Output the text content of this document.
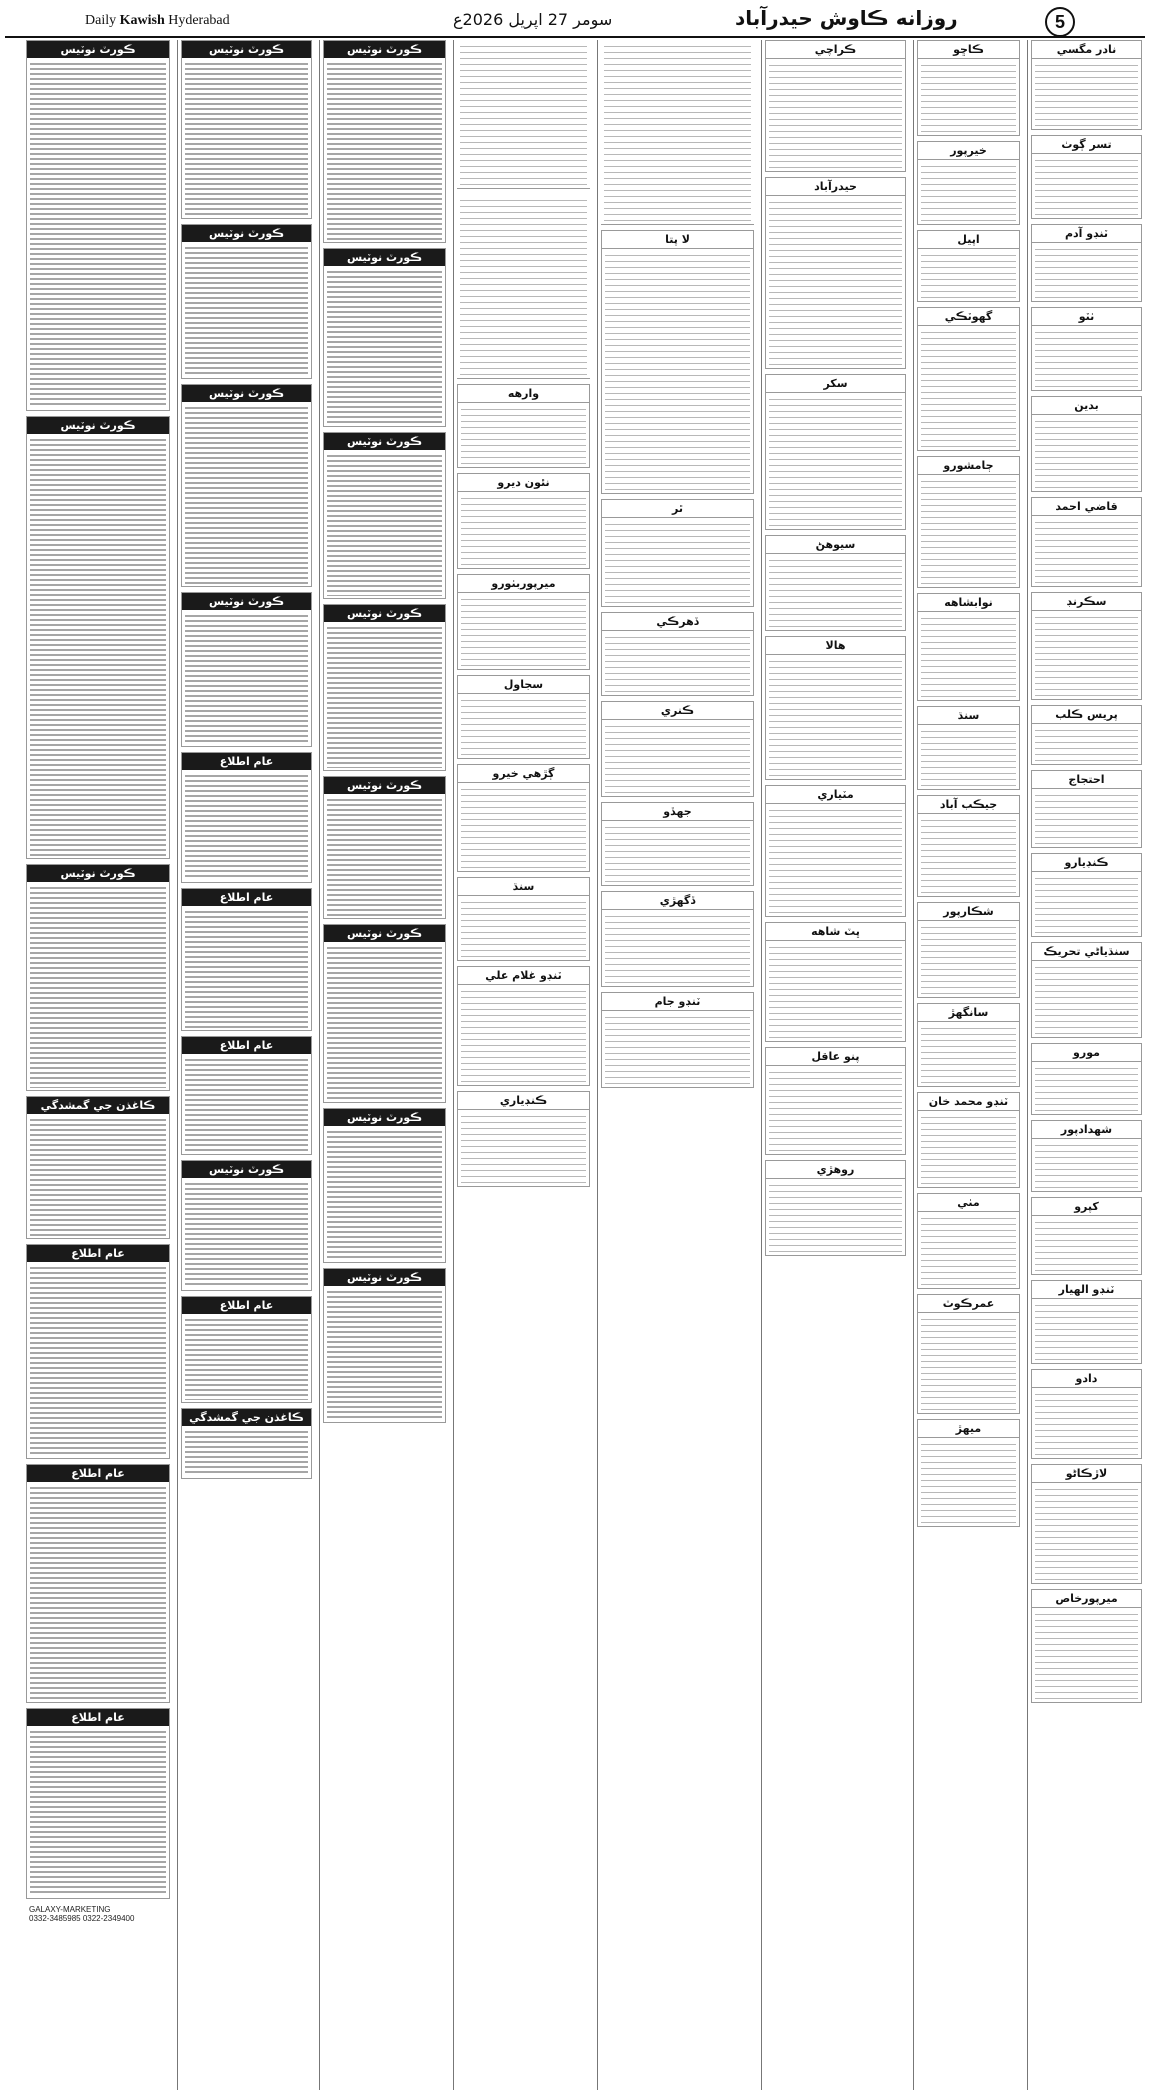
Daily Kawish Hyderabad	سومر 27 اپريل 2026ع	روزانه ڪاوش حيدرآباد	5
نادر مگسي
تسر ڳوٺ
ٽنڊو آدم
ٺٽو
بدين
قاضي احمد
سڪرنڊ
پريس ڪلب
احتجاج
ڪنڊيارو
سنڌياڻي تحريڪ
مورو
شهدادپور
کپرو
ٽنڊو الهيار
دادو
لاڙڪاڻو
ميرپورخاص
ڪاڇو
خيرپور
اپيل
گهوٽڪي
ڄامشورو
نوابشاهه
سنڌ
جيڪب آباد
شڪارپور
سانگهڙ
ٽنڊو محمد خان
مٺي
عمرڪوٽ
ميهڙ
ڪراچي
حيدرآباد
سکر
سيوهڻ
هالا
مٽياري
ڀٽ شاهه
پنو عاقل
روهڙي
لا پتا
ٿر
ڏهرڪي
ڪنري
جهڏو
ڏگهڙي
ٽنڊو جام
وارهه
نئون ديرو
ميرپوربٺورو
سجاول
ڳڙهي خيرو
سنڌ
ٽنڊو غلام علي
ڪنڊياري
ڪورٽ نوٽيس
ڪورٽ نوٽيس
ڪورٽ نوٽيس
ڪورٽ نوٽيس
ڪورٽ نوٽيس
ڪورٽ نوٽيس
ڪورٽ نوٽيس
ڪورٽ نوٽيس
ڪورٽ نوٽيس
ڪورٽ نوٽيس
ڪورٽ نوٽيس
ڪورٽ نوٽيس
عام اطلاع
عام اطلاع
عام اطلاع
ڪورٽ نوٽيس
عام اطلاع
ڪاغذن جي گمشدگي
ڪورٽ نوٽيس
ڪورٽ نوٽيس
ڪورٽ نوٽيس
ڪاغذن جي گمشدگي
عام اطلاع
عام اطلاع
عام اطلاع
GALAXY-MARKETING
0332-3485985 0322-2349400
